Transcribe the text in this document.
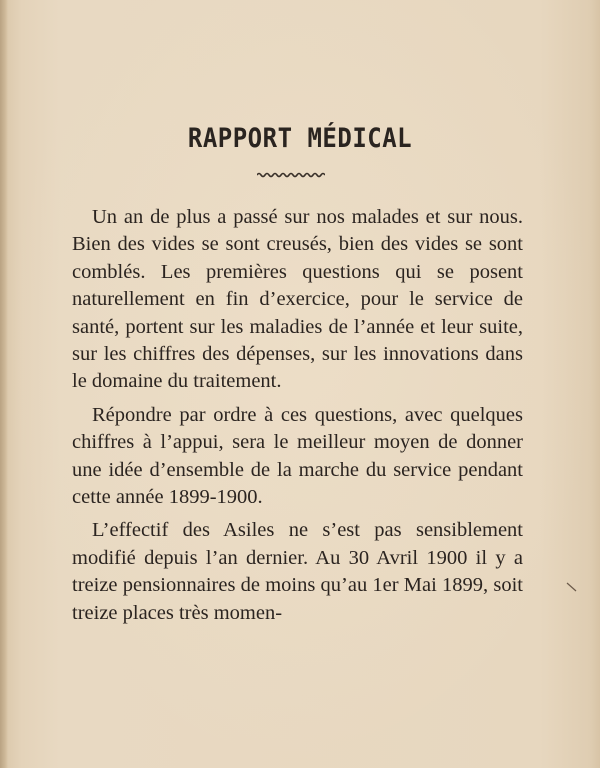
RAPPORT MÉDICAL

Un an de plus a passé sur nos malades et sur nous. Bien des vides se sont creusés, bien des vides se sont comblés. Les premières questions qui se posent naturellement en fin d’exercice, pour le service de santé, portent sur les maladies de l’année et leur suite, sur les chiffres des dépenses, sur les innovations dans le domaine du traitement.

Répondre par ordre à ces questions, avec quelques chiffres à l’appui, sera le meilleur moyen de donner une idée d’ensemble de la marche du service pendant cette année 1899-1900.

L’effectif des Asiles ne s’est pas sensiblement modifié depuis l’an dernier. Au 30 Avril 1900 il y a treize pensionnaires de moins qu’au 1er Mai 1899, soit treize places très momen-
